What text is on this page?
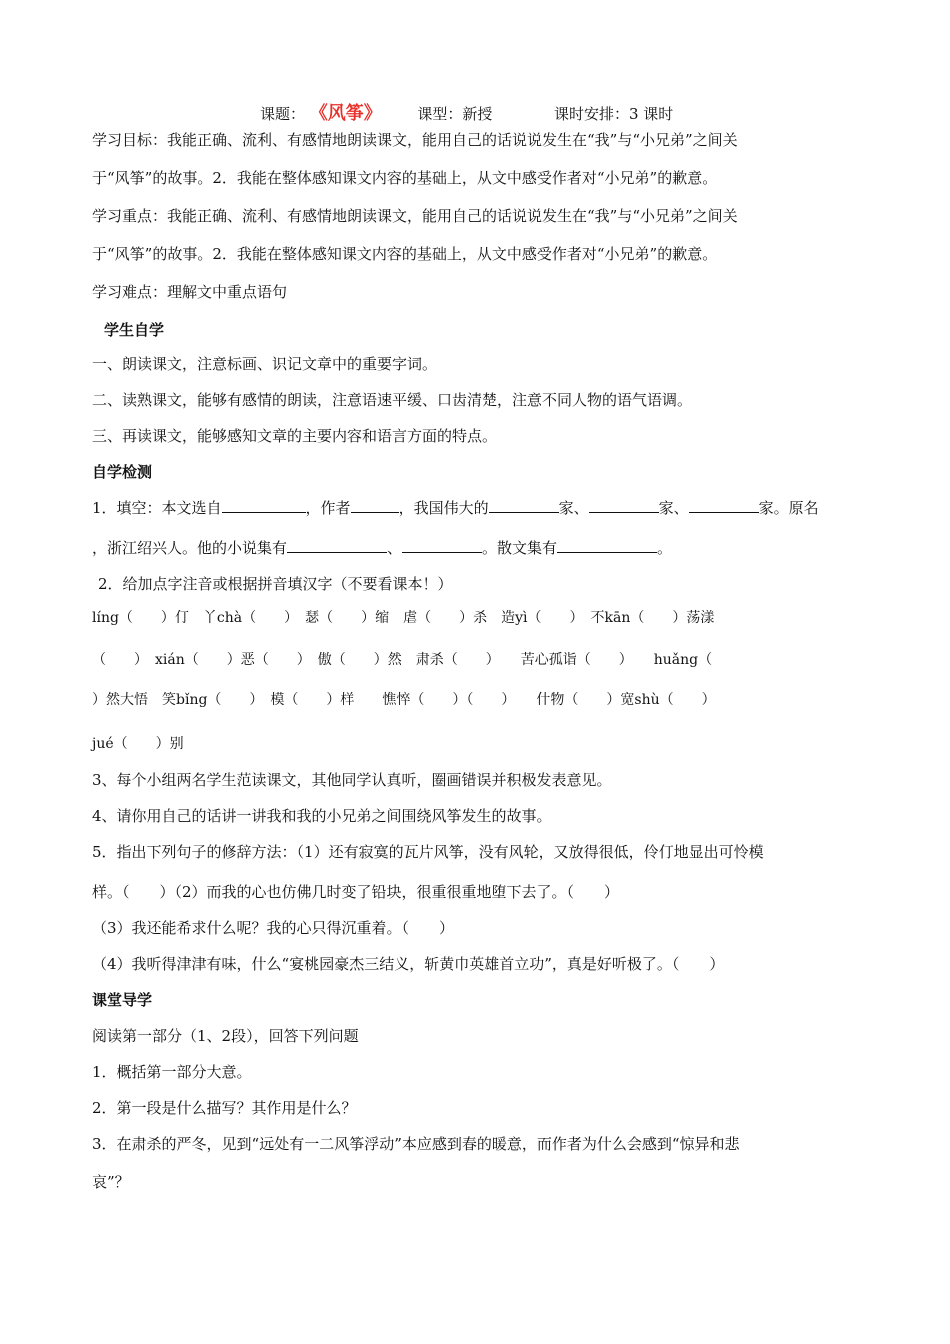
课题： 《风筝》 课型：新授	课时安排：3 课时
学习目标：我能正确、流利、有感情地朗读课文，能用自己的话说说发生在“我”与“小兄弟”之间关
于“风筝”的故事。2．我能在整体感知课文内容的基础上，从文中感受作者对“小兄弟”的歉意。
学习重点：我能正确、流利、有感情地朗读课文，能用自己的话说说发生在“我”与“小兄弟”之间关
于“风筝”的故事。2．我能在整体感知课文内容的基础上，从文中感受作者对“小兄弟”的歉意。
学习难点：理解文中重点语句
学生自学
一、朗读课文，注意标画、识记文章中的重要字词。
二、读熟课文，能够有感情的朗读，注意语速平缓、口齿清楚，注意不同人物的语气语调。
三、再读课文，能够感知文章的主要内容和语言方面的特点。
自学检测
1．填空：本文选自	，作者	，我国伟大的	家、	家、	家。原名
，浙江绍兴人。他的小说集有	、	。散文集有	。
2．给加点字注音或根据拼音填汉字（不要看课本！）
líng（　　）仃　丫chà（　　）　瑟（　　）缩　虐（　　）杀　造yì（　　）　不kān（　　）荡漾
（　　）　xián（　　）恶（　　）　傲（　　）然　肃杀（　　）　　苦心孤诣（　　）　　huǎng（
）然大悟　笑bǐng（　　）　模（　　）样　　憔悴（　　）（　　）　　什物（　　）宽shù（　　）
jué（　　）别
3、每个小组两名学生范读课文，其他同学认真听，圈画错误并积极发表意见。
4、请你用自己的话讲一讲我和我的小兄弟之间围绕风筝发生的故事。
5．指出下列句子的修辞方法：（1）还有寂寞的瓦片风筝，没有风轮，又放得很低，伶仃地显出可怜模
样。（　　）（2）而我的心也仿佛几时变了铅块，很重很重地堕下去了。（　　）
（3）我还能希求什么呢？我的心只得沉重着。（　　）
（4）我听得津津有味，什么“宴桃园豪杰三结义，斩黄巾英雄首立功”，真是好听极了。（　　）
课堂导学
阅读第一部分（1、2段），回答下列问题
1．概括第一部分大意。
2．第一段是什么描写？其作用是什么？
3．在肃杀的严冬，见到“远处有一二风筝浮动”本应感到春的暖意，而作者为什么会感到“惊异和悲
哀”？
